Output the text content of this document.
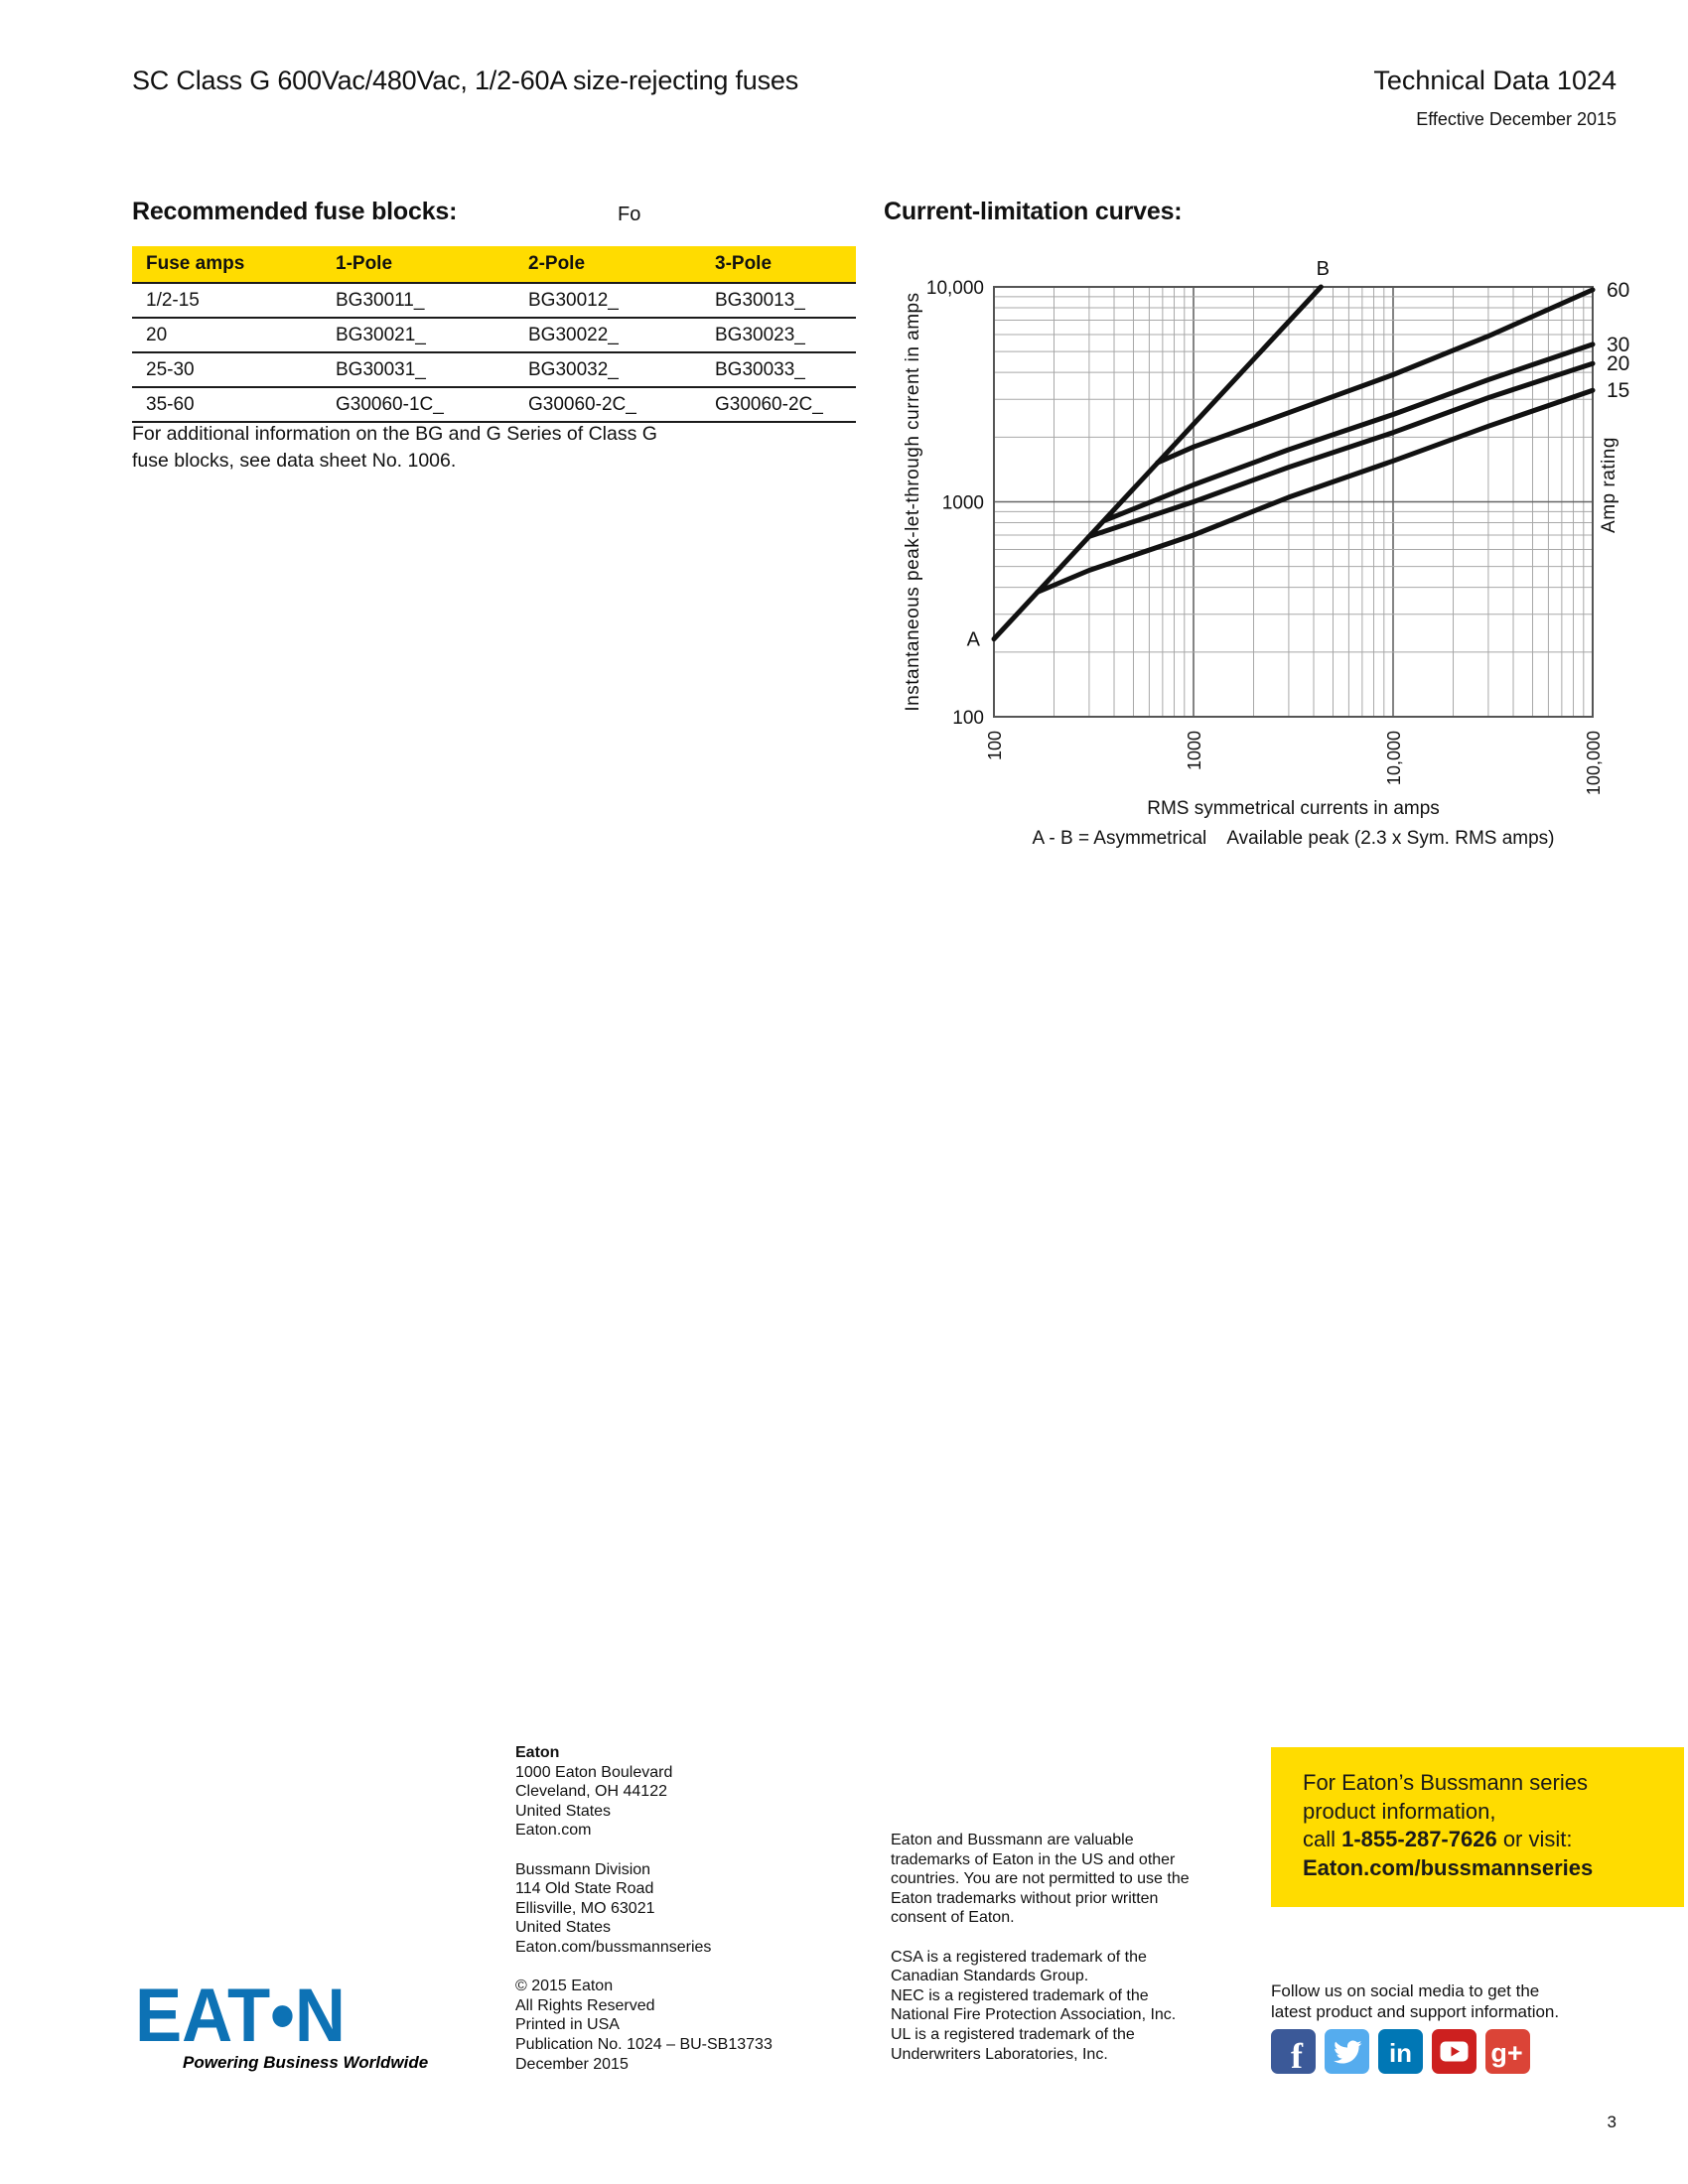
SC Class G 600Vac/480Vac, 1/2-60A size-rejecting fuses	Technical Data 1024
Effective December 2015
Recommended fuse blocks:	Fo
Fuse amps	1-Pole	2-Pole	3-Pole
1/2-15	BG30011_	BG30012_	BG30013_
20	BG30021_	BG30022_	BG30023_
25-30	BG30031_	BG30032_	BG30033_
35-60	G30060-1C_	G30060-2C_	G30060-2C_
For additional information on the BG and G Series of Class G
fuse blocks, see data sheet No. 1006.
Current-limitation curves:
A
B
60
30
20
15
100	1000	10,000	100,000
100
1000
10,000
Instantaneous peak-let-through current in amps	Amp rating
RMS symmetrical currents in amps
A - B = Asymmetrical    Available peak (2.3 x Sym. RMS amps)
Eaton
1000 Eaton Boulevard
Cleveland, OH 44122
United States
Eaton.com
Bussmann Division
114 Old State Road
Ellisville, MO 63021
United States
Eaton.com/bussmannseries
© 2015 Eaton
All Rights Reserved
Printed in USA
Publication No. 1024 – BU-SB13733
December 2015
Eaton and Bussmann are valuable
trademarks of Eaton in the US and other
countries. You are not permitted to use the
Eaton trademarks without prior written
consent of Eaton.
CSA is a registered trademark of the
Canadian Standards Group.
NEC is a registered trademark of the
National Fire Protection Association, Inc.
UL is a registered trademark of the
Underwriters Laboratories, Inc.
For Eaton’s Bussmann series
product information,
call 1-855-287-7626 or visit:
Eaton.com/bussmannseries
Follow us on social media to get the
latest product and support information.
f	in	g+
EAT•N
Powering Business Worldwide
3
